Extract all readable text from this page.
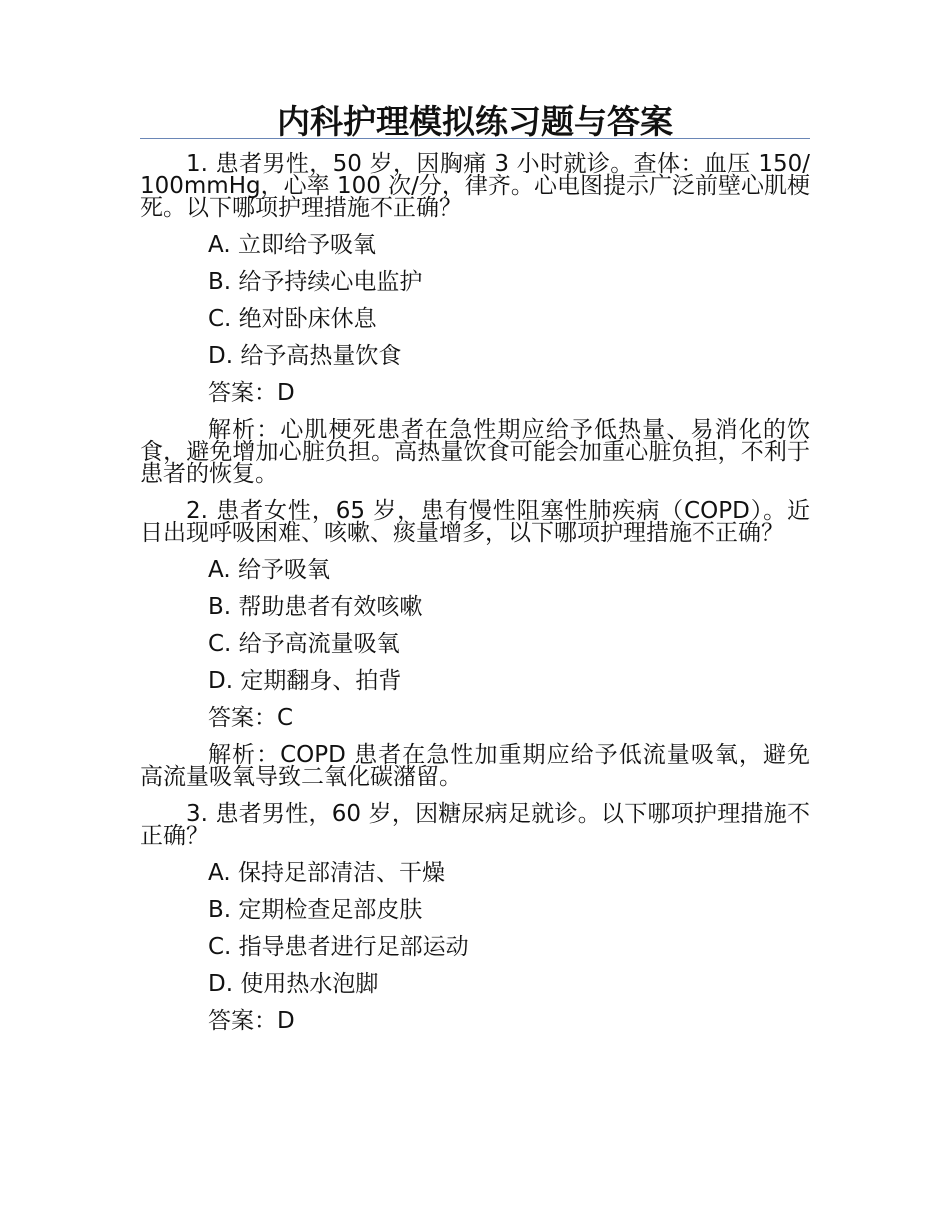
内科护理模拟练习题与答案

1. 患者男性，50 岁，因胸痛 3 小时就诊。查体：血压 150/100mmHg，心率 100 次/分，律齐。心电图提示广泛前壁心肌梗死。以下哪项护理措施不正确？

A. 立即给予吸氧

B. 给予持续心电监护

C. 绝对卧床休息

D. 给予高热量饮食

答案：D

解析：心肌梗死患者在急性期应给予低热量、易消化的饮食，避免增加心脏负担。高热量饮食可能会加重心脏负担，不利于患者的恢复。

2. 患者女性，65 岁，患有慢性阻塞性肺疾病（COPD）。近日出现呼吸困难、咳嗽、痰量增多，以下哪项护理措施不正确？

A. 给予吸氧

B. 帮助患者有效咳嗽

C. 给予高流量吸氧

D. 定期翻身、拍背

答案：C

解析：COPD 患者在急性加重期应给予低流量吸氧，避免高流量吸氧导致二氧化碳潴留。

3. 患者男性，60 岁，因糖尿病足就诊。以下哪项护理措施不正确？

A. 保持足部清洁、干燥

B. 定期检查足部皮肤

C. 指导患者进行足部运动

D. 使用热水泡脚

答案：D
